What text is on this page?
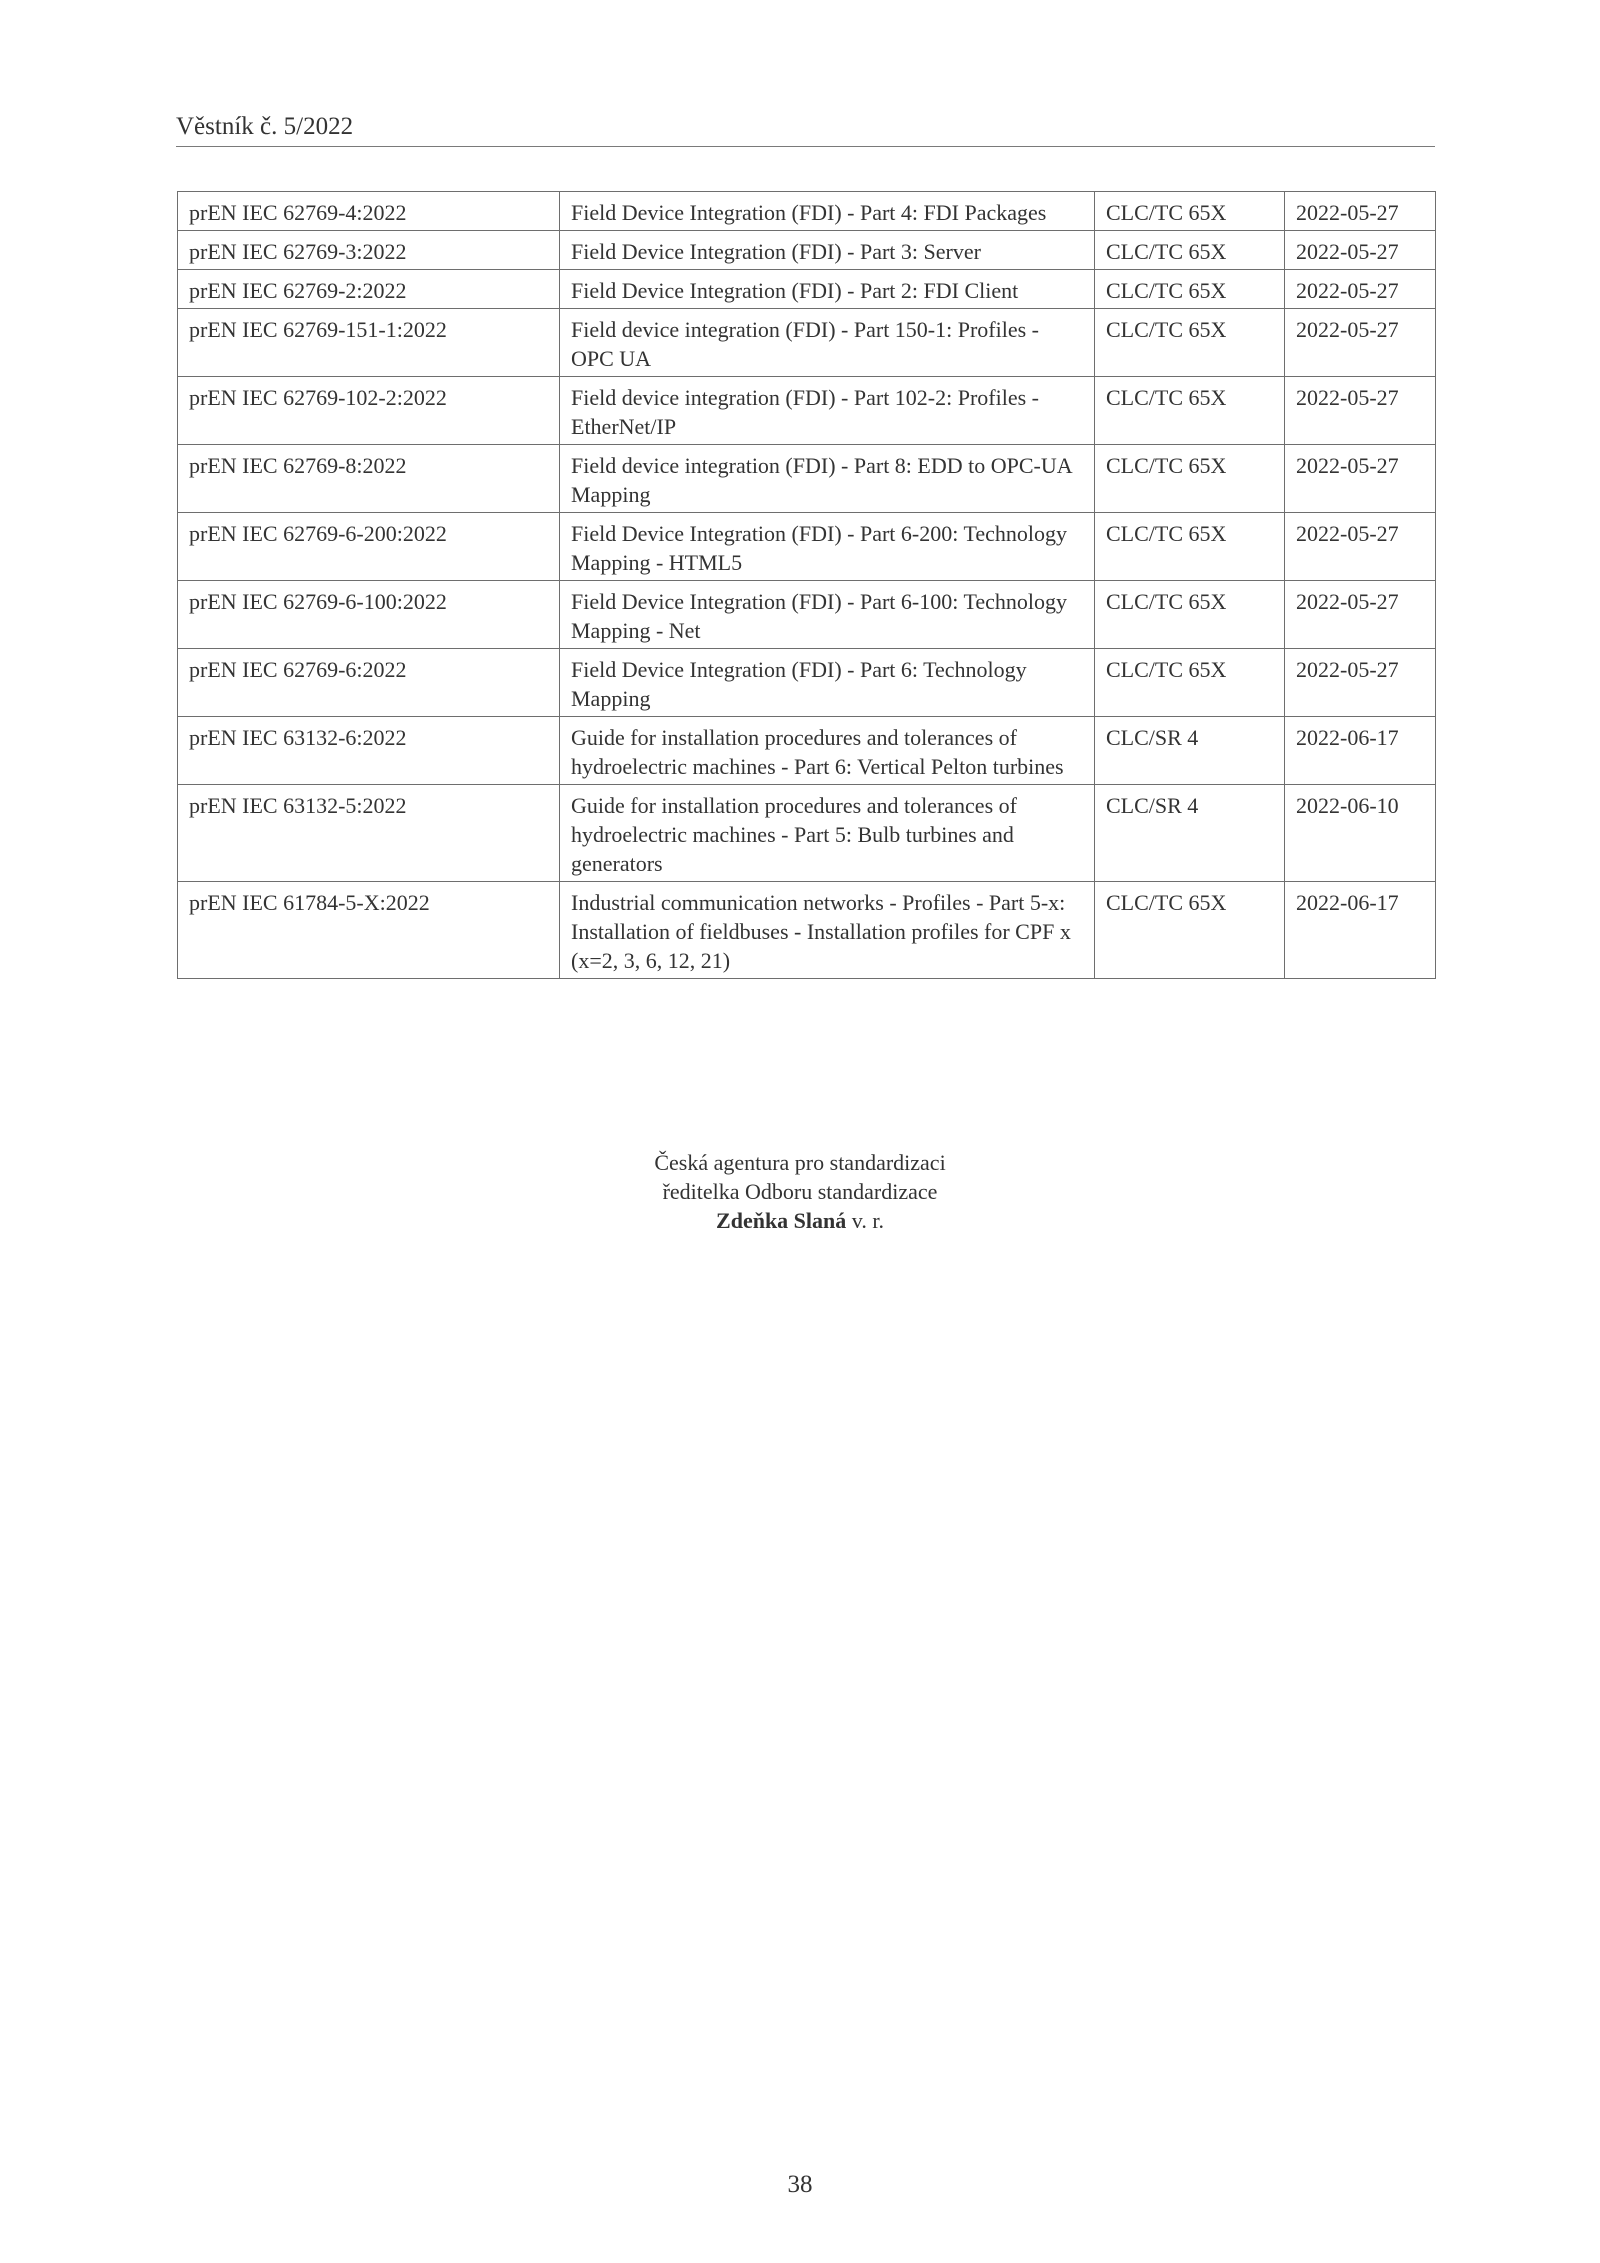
Věstník č. 5/2022
prEN IEC 62769-4:2022	Field Device Integration (FDI) - Part 4: FDI Packages	CLC/TC 65X	2022-05-27
prEN IEC 62769-3:2022	Field Device Integration (FDI) - Part 3: Server	CLC/TC 65X	2022-05-27
prEN IEC 62769-2:2022	Field Device Integration (FDI) - Part 2: FDI Client	CLC/TC 65X	2022-05-27
prEN IEC 62769-151-1:2022	Field device integration (FDI) - Part 150-1: Profiles - OPC UA	CLC/TC 65X	2022-05-27
prEN IEC 62769-102-2:2022	Field device integration (FDI) - Part 102-2: Profiles - EtherNet/IP	CLC/TC 65X	2022-05-27
prEN IEC 62769-8:2022	Field device integration (FDI) - Part 8: EDD to OPC-UA Mapping	CLC/TC 65X	2022-05-27
prEN IEC 62769-6-200:2022	Field Device Integration (FDI) - Part 6-200: Technology Mapping - HTML5	CLC/TC 65X	2022-05-27
prEN IEC 62769-6-100:2022	Field Device Integration (FDI) - Part 6-100: Technology Mapping - Net	CLC/TC 65X	2022-05-27
prEN IEC 62769-6:2022	Field Device Integration (FDI) - Part 6: Technology Mapping	CLC/TC 65X	2022-05-27
prEN IEC 63132-6:2022	Guide for installation procedures and tolerances of hydroelectric machines - Part 6: Vertical Pelton turbines	CLC/SR 4	2022-06-17
prEN IEC 63132-5:2022	Guide for installation procedures and tolerances of hydroelectric machines - Part 5: Bulb turbines and generators	CLC/SR 4	2022-06-10
prEN IEC 61784-5-X:2022	Industrial communication networks - Profiles - Part 5-x: Installation of fieldbuses - Installation profiles for CPF x (x=2, 3, 6, 12, 21)	CLC/TC 65X	2022-06-17
Česká agentura pro standardizaci
ředitelka Odboru standardizace
Zdeňka Slaná v. r.
38
